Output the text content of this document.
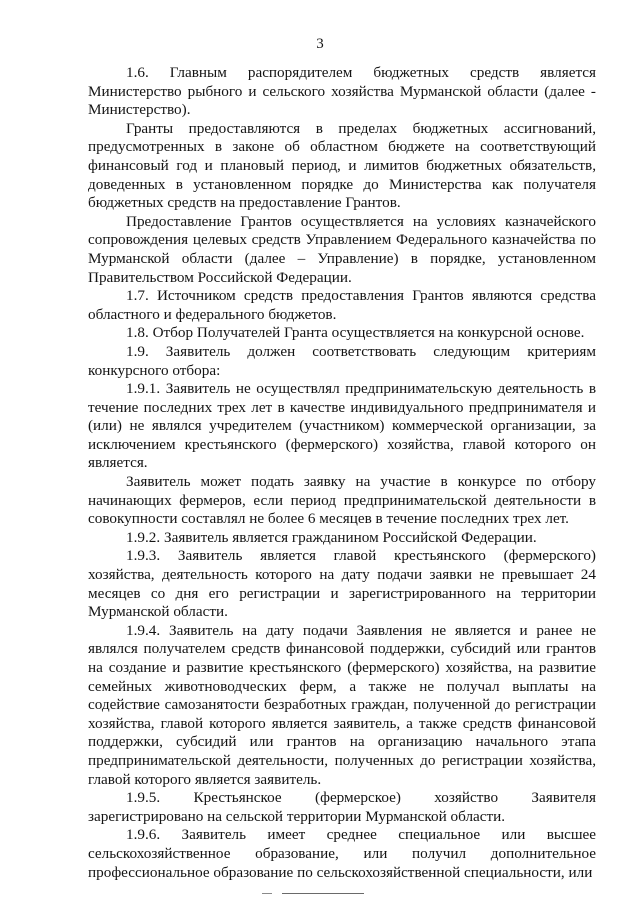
3

1.6. Главным распорядителем бюджетных средств является Министерство рыбного и сельского хозяйства Мурманской области (далее - Министерство).

Гранты предоставляются в пределах бюджетных ассигнований, предусмотренных в законе об областном бюджете на соответствующий финансовый год и плановый период, и лимитов бюджетных обязательств, доведенных в установленном порядке до Министерства как получателя бюджетных средств на предоставление Грантов.

Предоставление Грантов осуществляется на условиях казначейского сопровождения целевых средств Управлением Федерального казначейства по Мурманской области (далее – Управление) в порядке, установленном Правительством Российской Федерации.

1.7. Источником средств предоставления Грантов являются средства областного и федерального бюджетов.

1.8. Отбор Получателей Гранта осуществляется на конкурсной основе.

1.9. Заявитель должен соответствовать следующим критериям конкурсного отбора:

1.9.1. Заявитель не осуществлял предпринимательскую деятельность в течение последних трех лет в качестве индивидуального предпринимателя и (или) не являлся учредителем (участником) коммерческой организации, за исключением крестьянского (фермерского) хозяйства, главой которого он является.

Заявитель может подать заявку на участие в конкурсе по отбору начинающих фермеров, если период предпринимательской деятельности в совокупности составлял не более 6 месяцев в течение последних трех лет.

1.9.2. Заявитель является гражданином Российской Федерации.

1.9.3. Заявитель является главой крестьянского (фермерского) хозяйства, деятельность которого на дату подачи заявки не превышает 24 месяцев со дня его регистрации и зарегистрированного на территории Мурманской области.

1.9.4. Заявитель на дату подачи Заявления не является и ранее не являлся получателем средств финансовой поддержки, субсидий или грантов на создание и развитие крестьянского (фермерского) хозяйства, на развитие семейных животноводческих ферм, а также не получал выплаты на содействие самозанятости безработных граждан, полученной до регистрации хозяйства, главой которого является заявитель, а также средств финансовой поддержки, субсидий или грантов на организацию начального этапа предпринимательской деятельности, полученных до регистрации хозяйства, главой которого является заявитель.

1.9.5. Крестьянское (фермерское) хозяйство Заявителя зарегистрировано на сельской территории Мурманской области.

1.9.6. Заявитель имеет среднее специальное или высшее сельскохозяйственное образование, или получил дополнительное профессиональное образование по сельскохозяйственной специальности, или
